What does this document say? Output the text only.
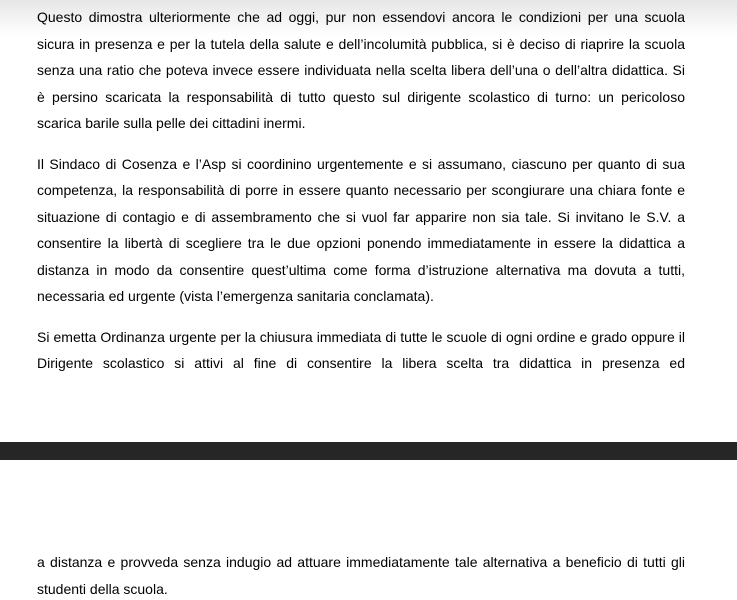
Questo dimostra ulteriormente che ad oggi, pur non essendovi ancora le condizioni per una scuola sicura in presenza e per la tutela della salute e dell’incolumità pubblica, si è deciso di riaprire la scuola senza una ratio che poteva invece essere individuata nella scelta libera dell’una o dell’altra didattica. Si è persino scaricata la responsabilità di tutto questo sul dirigente scolastico di turno: un pericoloso scarica barile sulla pelle dei cittadini inermi.

Il Sindaco di Cosenza e l’Asp si coordinino urgentemente e si assumano, ciascuno per quanto di sua competenza, la responsabilità di porre in essere quanto necessario per scongiurare una chiara fonte e situazione di contagio e di assembramento che si vuol far apparire non sia tale. Si invitano le S.V. a consentire la libertà di scegliere tra le due opzioni ponendo immediatamente in essere la didattica a distanza in modo da consentire quest’ultima come forma d’istruzione alternativa ma dovuta a tutti, necessaria ed urgente (vista l’emergenza sanitaria conclamata).

Si emetta Ordinanza urgente per la chiusura immediata di tutte le scuole di ogni ordine e grado oppure il Dirigente scolastico si attivi al fine di consentire la libera scelta tra didattica in presenza ed

a distanza e provveda senza indugio ad attuare immediatamente tale alternativa a beneficio di tutti gli studenti della scuola.
